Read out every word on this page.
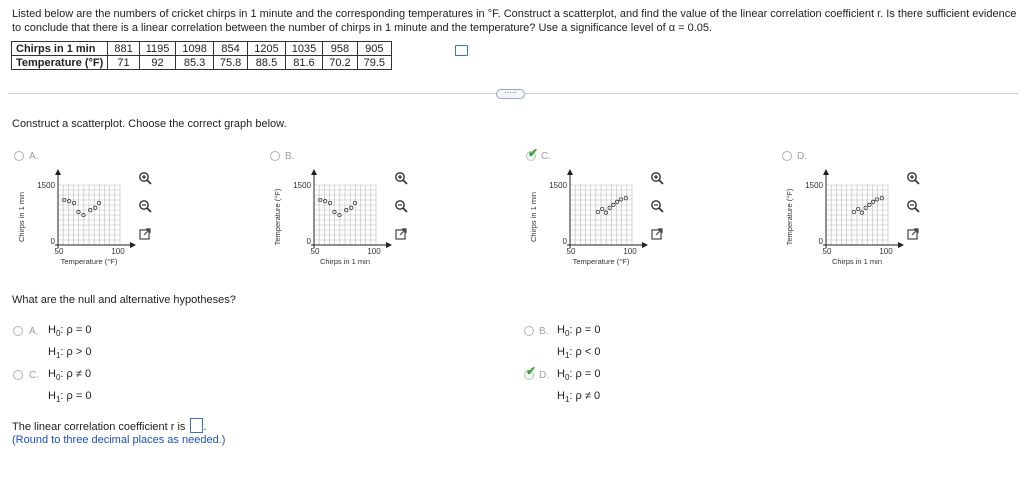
Listed below are the numbers of cricket chirps in 1 minute and the corresponding temperatures in °F. Construct a scatterplot, and find the value of the linear correlation coefficient r. Is there sufficient evidence to conclude that there is a linear correlation between the number of chirps in 1 minute and the temperature? Use a significance level of α = 0.05.
Chirps in 1 min	881	1195	1098	854	1205	1035	958	905
Temperature (°F)	71	92	85.3	75.8	88.5	81.6	70.2	79.5
·····
Construct a scatterplot. Choose the correct graph below.
A.
1500
0
50	100
Temperature (°F)
Chirps in 1 min
B.
1500
0
50	100
Chirps in 1 min
Temperature (°F)
✔ C.
1500
0
50	100
Temperature (°F)
Chirps in 1 min
D.
1500
0
50	100
Chirps in 1 min
Temperature (°F)
What are the null and alternative hypotheses?
A. $H_0$: ρ = 0
$H_1$: ρ > 0
C. $H_0$: ρ ≠ 0
$H_1$: ρ = 0
B. $H_0$: ρ = 0
$H_1$: ρ < 0
✔ D. $H_0$: ρ = 0
$H_1$: ρ ≠ 0
The linear correlation coefficient r is .
(Round to three decimal places as needed.)
